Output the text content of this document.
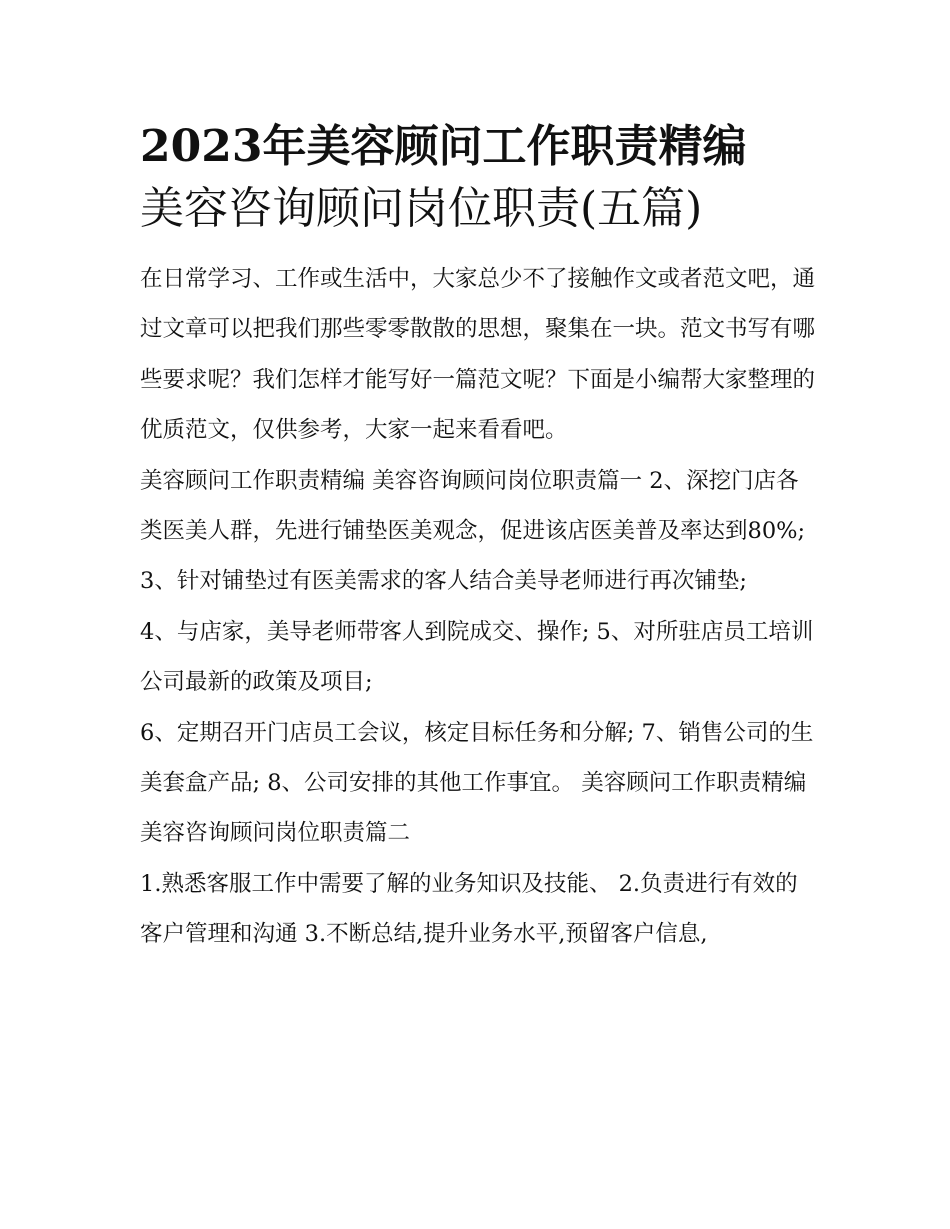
2023年美容顾问工作职责精编
美容咨询顾问岗位职责(五篇)

在日常学习、工作或生活中，大家总少不了接触作文或者范文吧，通过文章可以把我们那些零零散散的思想，聚集在一块。范文书写有哪些要求呢？我们怎样才能写好一篇范文呢？下面是小编帮大家整理的优质范文，仅供参考，大家一起来看看吧。

美容顾问工作职责精编 美容咨询顾问岗位职责篇一 2、深挖门店各类医美人群，先进行铺垫医美观念，促进该店医美普及率达到80%;

3、针对铺垫过有医美需求的客人结合美导老师进行再次铺垫;

4、与店家，美导老师带客人到院成交、操作; 5、对所驻店员工培训公司最新的政策及项目;

6、定期召开门店员工会议，核定目标任务和分解; 7、销售公司的生美套盒产品; 8、公司安排的其他工作事宜。 美容顾问工作职责精编 美容咨询顾问岗位职责篇二

1.熟悉客服工作中需要了解的业务知识及技能、 2.负责进行有效的客户管理和沟通 3.不断总结,提升业务水平,预留客户信息,
